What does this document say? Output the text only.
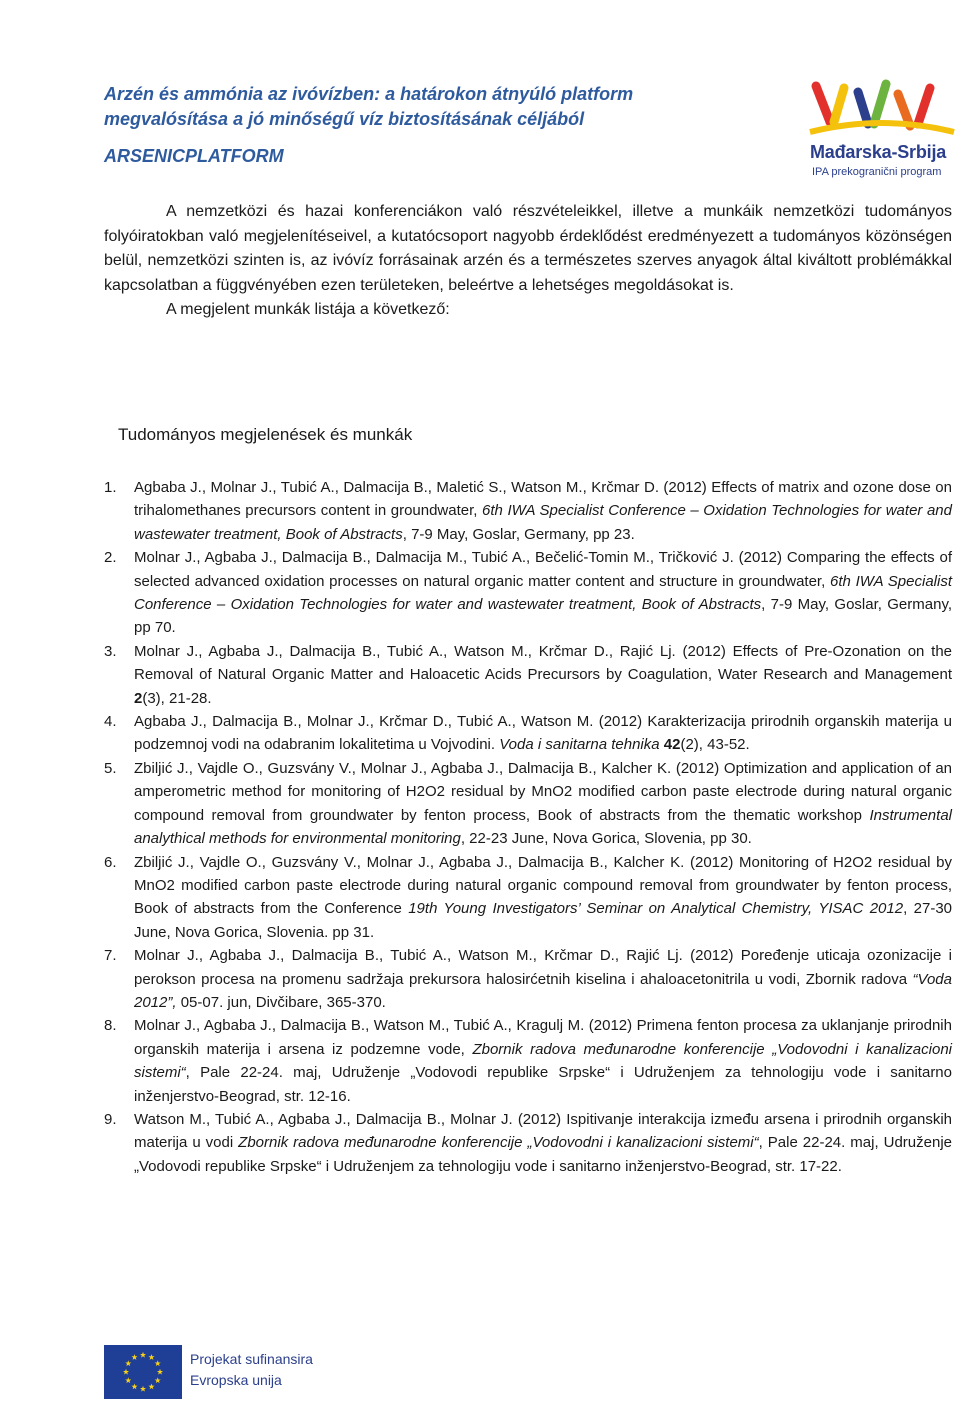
Arzén és ammónia az ivóvízben: a határokon átnyúló platform
megvalósítása a jó minőségű víz biztosításának céljából

ARSENICPLATFORM	Mađarska-Srbija
IPA prekogranični program

A nemzetközi és hazai konferenciákon való részvételeikkel, illetve a munkáik nemzetközi tudományos folyóiratokban való megjelenítéseivel, a kutatócsoport nagyobb érdeklődést eredményezett a tudományos közönségen belül, nemzetközi szinten is, az ivóvíz forrásainak arzén és a természetes szerves anyagok által kiváltott problémákkal kapcsolatban a függvényében ezen területeken, beleértve a lehetséges megoldásokat is.

A megjelent munkák listája a következő:

Tudományos megjelenések és munkák
1. Agbaba J., Molnar J., Tubić A., Dalmacija B., Maletić S., Watson M., Krčmar D. (2012) Effects of matrix and ozone dose on trihalomethanes precursors content in groundwater, 6th IWA Specialist Conference – Oxidation Technologies for water and wastewater treatment, Book of Abstracts, 7-9 May, Goslar, Germany, pp 23.
2. Molnar J., Agbaba J., Dalmacija B., Dalmacija M., Tubić A., Bečelić-Tomin M., Tričković J. (2012) Comparing the effects of selected advanced oxidation processes on natural organic matter content and structure in groundwater, 6th IWA Specialist Conference – Oxidation Technologies for water and wastewater treatment, Book of Abstracts, 7-9 May, Goslar, Germany, pp 70.
3. Molnar J., Agbaba J., Dalmacija B., Tubić A., Watson M., Krčmar D., Rajić Lj. (2012) Effects of Pre-Ozonation on the Removal of Natural Organic Matter and Haloacetic Acids Precursors by Coagulation, Water Research and Management 2(3), 21-28.
4. Agbaba J., Dalmacija B., Molnar J., Krčmar D., Tubić A., Watson M. (2012) Karakterizacija prirodnih organskih materija u podzemnoj vodi na odabranim lokalitetima u Vojvodini. Voda i sanitarna tehnika 42(2), 43-52.
5. Zbiljić J., Vajdle O., Guzsvány V., Molnar J., Agbaba J., Dalmacija B., Kalcher K. (2012) Optimization and application of an amperometric method for monitoring of H2O2 residual by MnO2 modified carbon paste electrode during natural organic compound removal from groundwater by fenton process, Book of abstracts from the thematic workshop Instrumental analythical methods for environmental monitoring, 22-23 June, Nova Gorica, Slovenia, pp 30.
6. Zbiljić J., Vajdle O., Guzsvány V., Molnar J., Agbaba J., Dalmacija B., Kalcher K. (2012) Monitoring of H2O2 residual by MnO2 modified carbon paste electrode during natural organic compound removal from groundwater by fenton process, Book of abstracts from the Conference 19th Young Investigators’ Seminar on Analytical Chemistry, YISAC 2012, 27-30 June, Nova Gorica, Slovenia. pp 31.
7. Molnar J., Agbaba J., Dalmacija B., Tubić A., Watson M., Krčmar D., Rajić Lj. (2012) Poređenje uticaja ozonizacije i perokson procesa na promenu sadržaja prekursora halosirćetnih kiselina i ahaloacetonitrila u vodi, Zbornik radova “Voda 2012”, 05-07. jun, Divčibare, 365-370.
8. Molnar J., Agbaba J., Dalmacija B., Watson M., Tubić A., Kragulj M. (2012) Primena fenton procesa za uklanjanje prirodnih organskih materija i arsena iz podzemne vode, Zbornik radova međunarodne konferencije „Vodovodni i kanalizacioni sistemi“, Pale 22-24. maj, Udruženje „Vodovodi republike Srpske“ i Udruženjem za tehnologiju vode i sanitarno inženjerstvo-Beograd, str. 12-16.
9. Watson M., Tubić A., Agbaba J., Dalmacija B., Molnar J. (2012) Ispitivanje interakcija između arsena i prirodnih organskih materija u vodi Zbornik radova međunarodne konferencije „Vodovodni i kanalizacioni sistemi“, Pale 22-24. maj, Udruženje „Vodovodi republike Srpske“ i Udruženjem za tehnologiju vode i sanitarno inženjerstvo-Beograd, str. 17-22.
Projekat sufinansira
Evropska unija
